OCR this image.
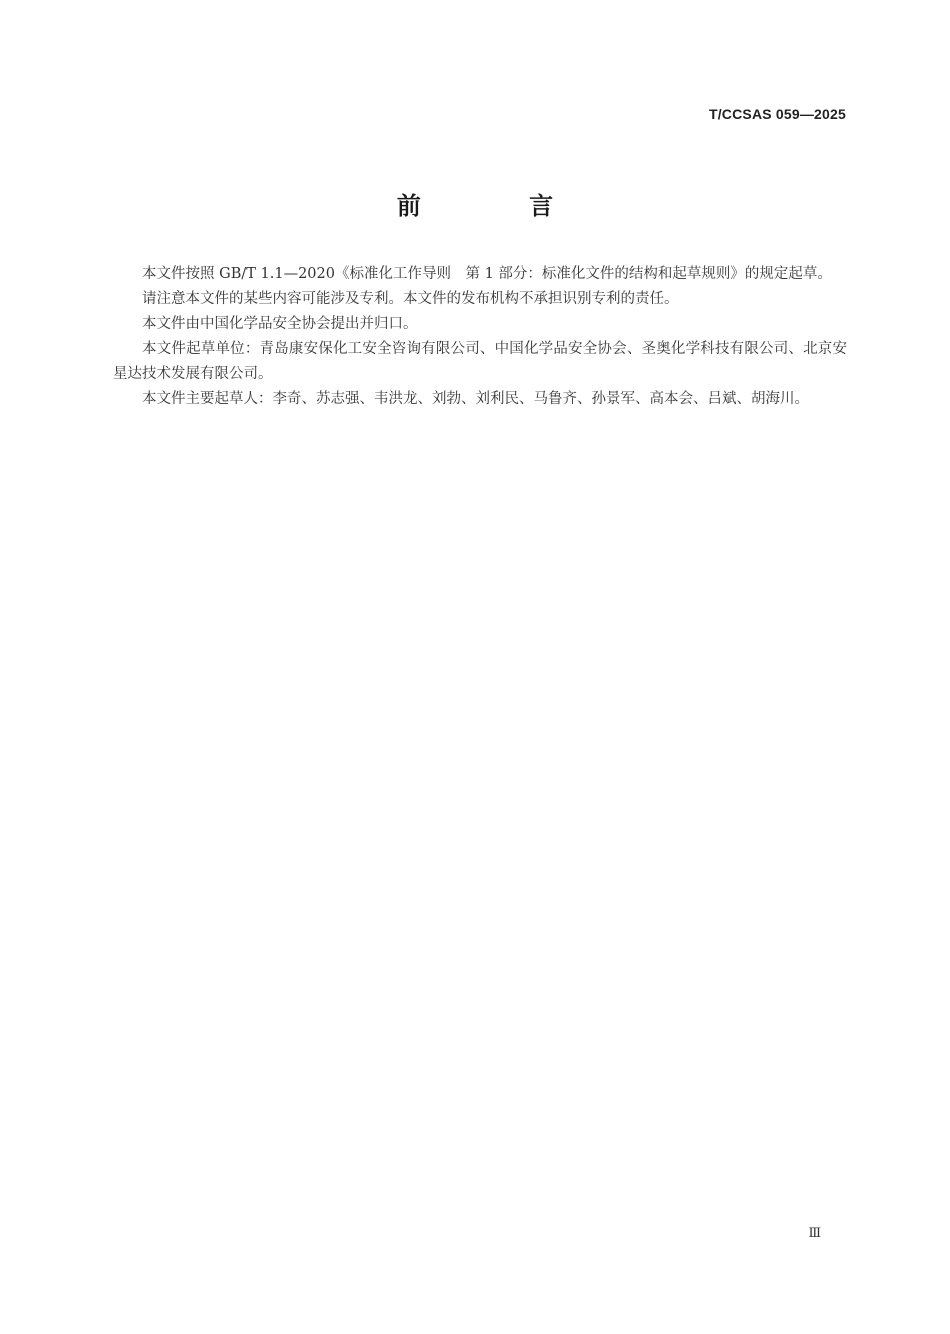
T/CCSAS 059—2025
前 言

本文件按照 GB/T 1.1—2020《标准化工作导则　第 1 部分：标准化文件的结构和起草规则》的规定起草。

请注意本文件的某些内容可能涉及专利。本文件的发布机构不承担识别专利的责任。

本文件由中国化学品安全协会提出并归口。

本文件起草单位：青岛康安保化工安全咨询有限公司、中国化学品安全协会、圣奥化学科技有限公司、北京安星达技术发展有限公司。

本文件主要起草人：李奇、苏志强、韦洪龙、刘勃、刘利民、马鲁齐、孙景军、高本会、吕斌、胡海川。

Ⅲ
